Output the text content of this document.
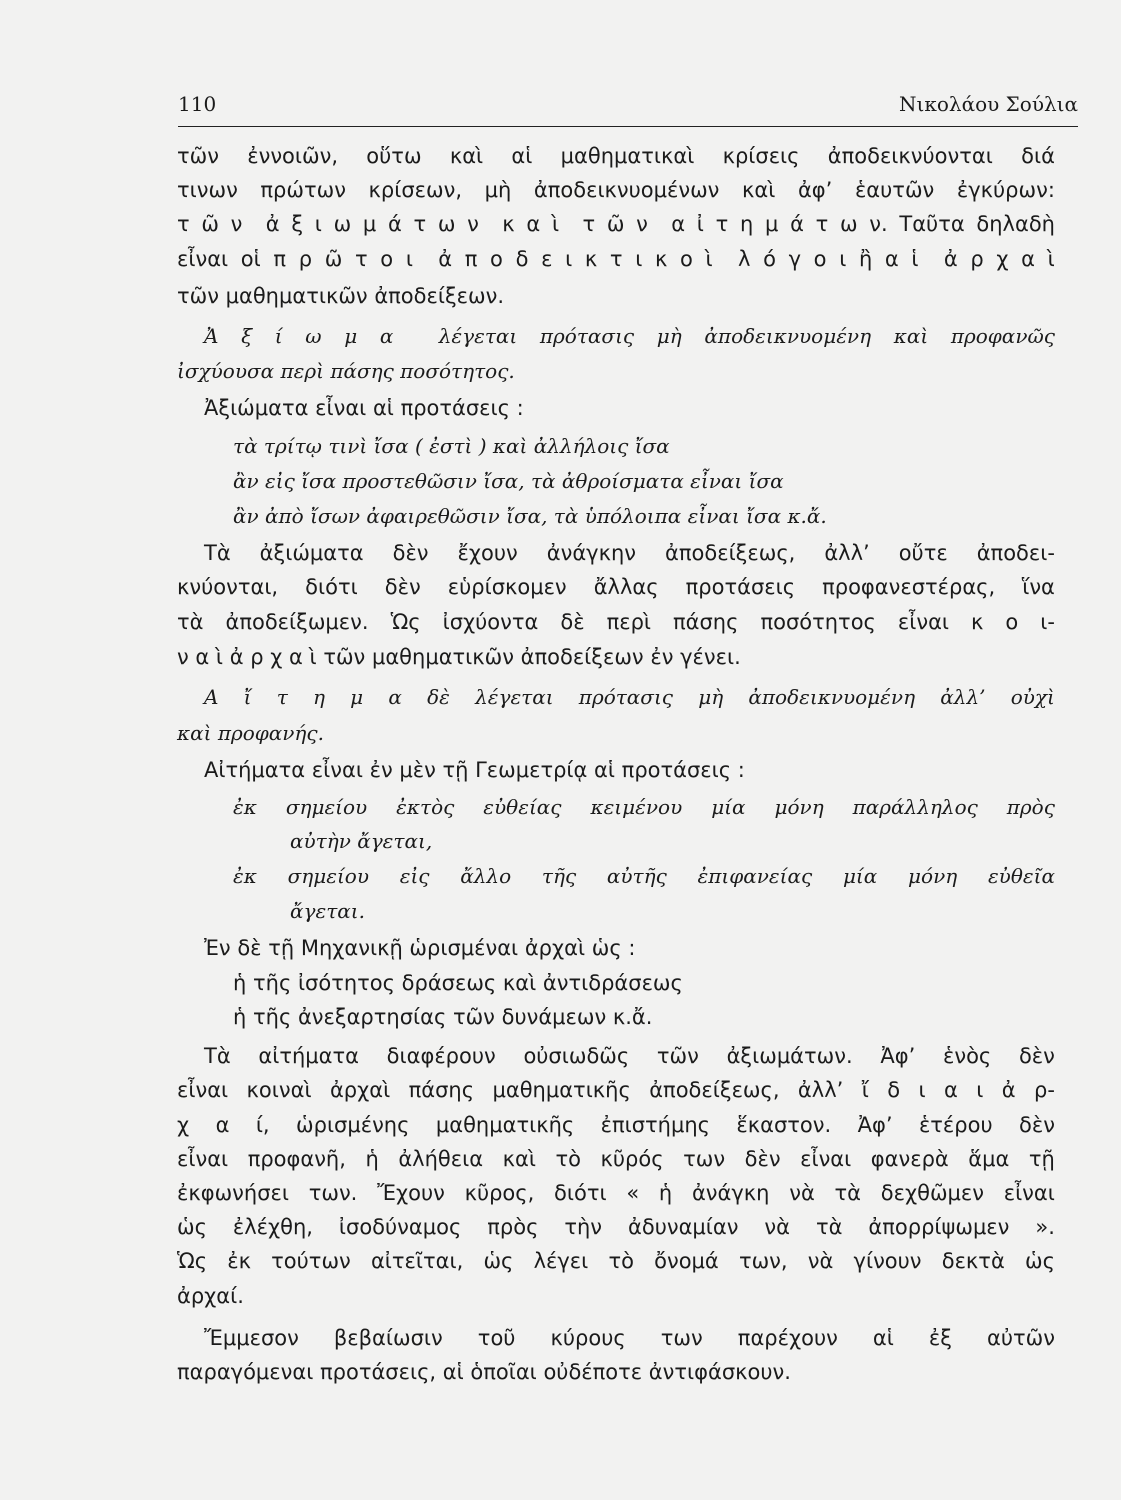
110	Νικολάου Σούλια
τῶν ἐννοιῶν, οὕτω καὶ αἱ μαθηματικαὶ κρίσεις ἀποδεικνύονται διά
τινων πρώτων κρίσεων, μὴ ἀποδεικνυομένων καὶ ἀφ’ ἑαυτῶν ἐγκύρων:
τ ῶ ν ἀ ξ ι ω μ ά τ ω ν κ α ὶ τ ῶ ν α ἰ τ η μ ά τ ω ν. Ταῦτα δηλαδὴ
εἶναι οἱ π ρ ῶ τ ο ι ἀ π ο δ ε ι κ τ ι κ ο ὶ λ ό γ ο ι ἢ α ἱ ἀ ρ χ α ὶ
τῶν μαθηματικῶν ἀποδείξεων.
Ἀ ξ ί ω μ α λέγεται πρότασις μὴ ἀποδεικνυομένη καὶ προφανῶς
ἰσχύουσα περὶ πάσης ποσότητος.
Ἀξιώματα εἶναι αἱ προτάσεις :
τὰ τρίτῳ τινὶ ἴσα ( ἐστὶ ) καὶ ἀλλήλοις ἴσα
ἂν εἰς ἴσα προστεθῶσιν ἴσα, τὰ ἀθροίσματα εἶναι ἴσα
ἂν ἀπὸ ἴσων ἀφαιρεθῶσιν ἴσα, τὰ ὑπόλοιπα εἶναι ἴσα κ.ἄ.
Τὰ ἀξιώματα δὲν ἔχουν ἀνάγκην ἀποδείξεως, ἀλλ’ οὔτε ἀποδει-
κνύονται, διότι δὲν εὑρίσκομεν ἄλλας προτάσεις προφανεστέρας, ἵνα
τὰ ἀποδείξωμεν. Ὡς ἰσχύοντα δὲ περὶ πάσης ποσότητος εἶναι κ ο ι-
ν α ὶ ἀ ρ χ α ὶ τῶν μαθηματικῶν ἀποδείξεων ἐν γένει.
Α ἴ τ η μ α δὲ λέγεται πρότασις μὴ ἀποδεικνυομένη ἀλλ’ οὐχὶ
καὶ προφανής.
Αἰτήματα εἶναι ἐν μὲν τῇ Γεωμετρίᾳ αἱ προτάσεις :
ἐκ σημείου ἐκτὸς εὐθείας κειμένου μία μόνη παράλληλος πρὸς
αὐτὴν ἄγεται,
ἐκ σημείου εἰς ἄλλο τῆς αὐτῆς ἐπιφανείας μία μόνη εὐθεῖα
ἄγεται.
Ἐν δὲ τῇ Μηχανικῇ ὡρισμέναι ἀρχαὶ ὡς :
ἡ τῆς ἰσότητος δράσεως καὶ ἀντιδράσεως
ἡ τῆς ἀνεξαρτησίας τῶν δυνάμεων κ.ἄ.
Τὰ αἰτήματα διαφέρουν οὐσιωδῶς τῶν ἀξιωμάτων. Ἀφ’ ἑνὸς δὲν
εἶναι κοιναὶ ἀρχαὶ πάσης μαθηματικῆς ἀποδείξεως, ἀλλ’ ἴ δ ι α ι ἀ ρ-
χ α ί, ὡρισμένης μαθηματικῆς ἐπιστήμης ἕκαστον. Ἀφ’ ἑτέρου δὲν
εἶναι προφανῆ, ἡ ἀλήθεια καὶ τὸ κῦρός των δὲν εἶναι φανερὰ ἅμα τῇ
ἐκφωνήσει των. Ἔχουν κῦρος, διότι « ἡ ἀνάγκη νὰ τὰ δεχθῶμεν εἶναι
ὡς ἐλέχθη, ἰσοδύναμος πρὸς τὴν ἀδυναμίαν νὰ τὰ ἀπορρίψωμεν ».
Ὡς ἐκ τούτων αἰτεῖται, ὡς λέγει τὸ ὄνομά των, νὰ γίνουν δεκτὰ ὡς
ἀρχαί.
Ἔμμεσον βεβαίωσιν τοῦ κύρους των παρέχουν αἱ ἐξ αὐτῶν
παραγόμεναι προτάσεις, αἱ ὁποῖαι οὐδέποτε ἀντιφάσκουν.
